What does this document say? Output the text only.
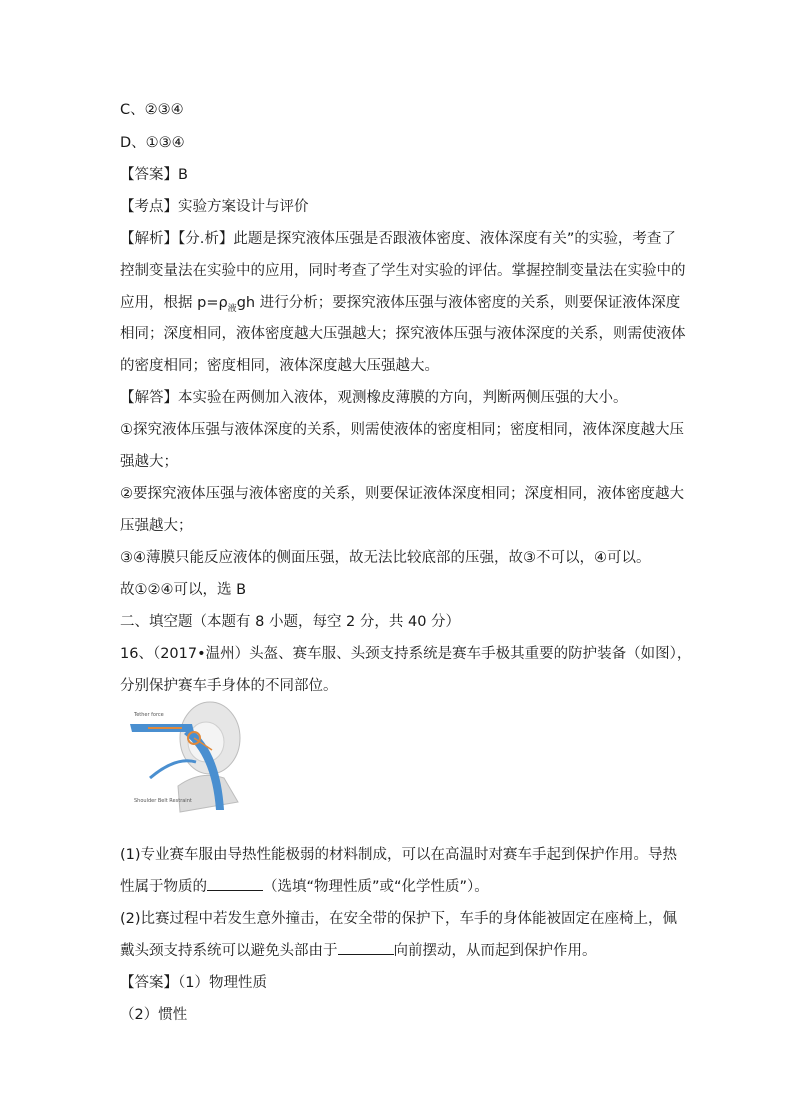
C、②③④
D、①③④
【答案】B
【考点】实验方案设计与评价
【解析】【分.析】此题是探究液体压强是否跟液体密度、液体深度有关”的实验，考查了
控制变量法在实验中的应用，同时考查了学生对实验的评估。掌握控制变量法在实验中的
应用，根据 $p=\rho_液gh$ 进行分析；要探究液体压强与液体密度的关系，则要保证液体深度
相同；深度相同，液体密度越大压强越大；探究液体压强与液体深度的关系，则需使液体
的密度相同；密度相同，液体深度越大压强越大。
【解答】本实验在两侧加入液体，观测橡皮薄膜的方向，判断两侧压强的大小。
①探究液体压强与液体深度的关系，则需使液体的密度相同；密度相同，液体深度越大压
强越大；
②要探究液体压强与液体密度的关系，则要保证液体深度相同；深度相同，液体密度越大
压强越大；
③④薄膜只能反应液体的侧面压强，故无法比较底部的压强，故③不可以，④可以。
故①②④可以，选 B
二、填空题（本题有 8 小题，每空 2 分，共 40 分）
16、（2017•温州）头盔、赛车服、头颈支持系统是赛车手极其重要的防护装备（如图），
分别保护赛车手身体的不同部位。
Tether force
Shoulder Belt Restraint
(1)专业赛车服由导热性能极弱的材料制成，可以在高温时对赛车手起到保护作用。导热
性属于物质的	（选填“物理性质”或“化学性质”）。
(2)比赛过程中若发生意外撞击，在安全带的保护下，车手的身体能被固定在座椅上，佩
戴头颈支持系统可以避免头部由于	向前摆动，从而起到保护作用。
【答案】（1）物理性质
（2）惯性
